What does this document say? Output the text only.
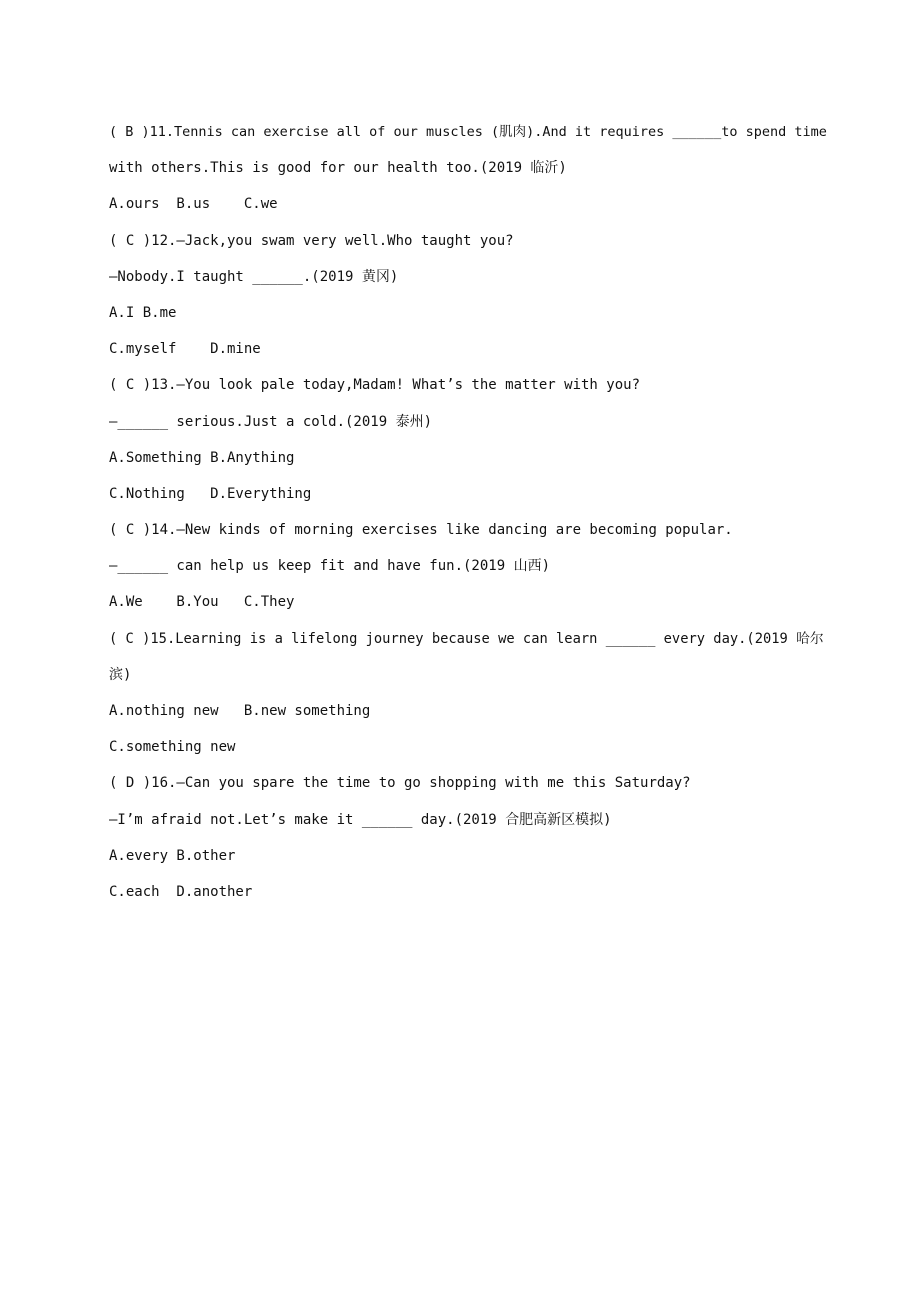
( B )11.Tennis can exercise all of our muscles (肌肉).And it requires ______to spend time
with others.This is good for our health too.(2019 临沂)
A.ours  B.us    C.we
( C )12.—Jack,you swam very well.Who taught you?
—Nobody.I taught ______.(2019 黄冈)
A.I B.me
C.myself    D.mine
( C )13.—You look pale today,Madam! What’s the matter with you?
—______ serious.Just a cold.(2019 泰州)
A.Something B.Anything
C.Nothing   D.Everything
( C )14.—New kinds of morning exercises like dancing are becoming popular.
—______ can help us keep fit and have fun.(2019 山西)
A.We    B.You   C.They
( C )15.Learning is a lifelong journey because we can learn ______ every day.(2019 哈尔
滨)
A.nothing new   B.new something
C.something new
( D )16.—Can you spare the time to go shopping with me this Saturday?
—I’m afraid not.Let’s make it ______ day.(2019 合肥高新区模拟)
A.every B.other
C.each  D.another
